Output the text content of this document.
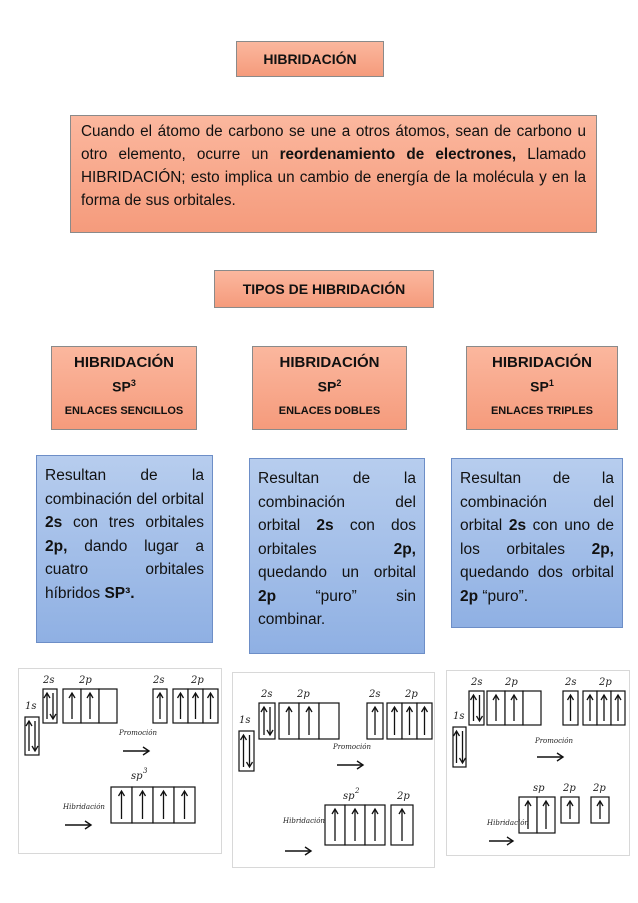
HIBRIDACIÓN
Cuando el átomo de carbono se une a otros átomos, sean de carbono u otro elemento, ocurre un reordenamiento de electrones, Llamado HIBRIDACIÓN; esto implica un cambio de energía de la molécula y en la forma de sus orbitales.
TIPOS DE HIBRIDACIÓN
HIBRIDACIÓN
$SP^3$
ENLACES SENCILLOS
HIBRIDACIÓN
$SP^2$
ENLACES DOBLES
HIBRIDACIÓN
$SP^1$
ENLACES TRIPLES
Resultan de la combinación del orbital 2s con tres orbitales 2p, dando lugar a cuatro orbitales híbridos SP³.
Resultan de la combinación del orbital 2s con dos orbitales 2p, quedando un orbital 2p “puro” sin combinar.
Resultan de la combinación del orbital 2s con uno de los orbitales 2p, quedando dos orbital 2p “puro”.
1s
2s 2p
Promoción
2s	2p
sp 3
Hibridación
1s
2s 2p
Promoción
2s 2p
sp 2	2p
Hibridación
1s
2s 2p
Promoción
2s 2p
sp 2p 2p
Hibridación
